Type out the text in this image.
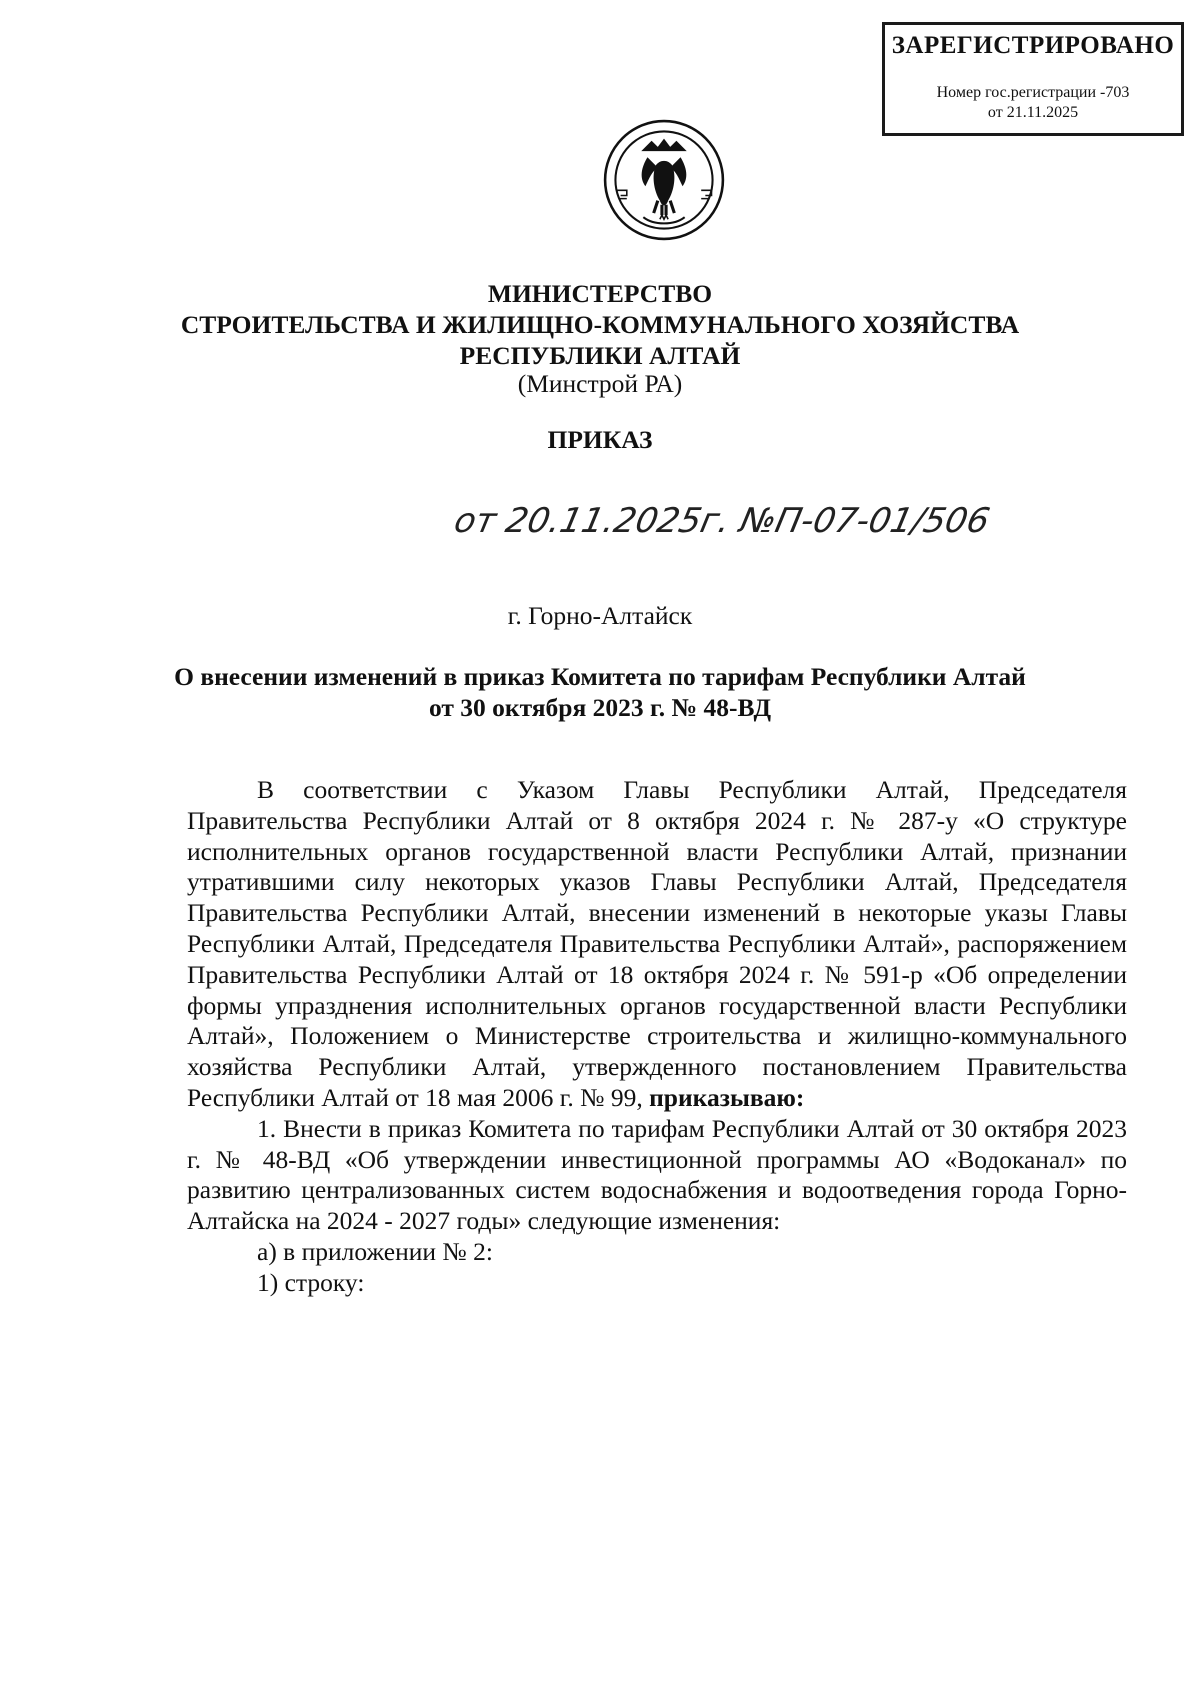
ЗАРЕГИСТРИРОВАНО
Номер гос.регистрации -703
от 21.11.2025
МИНИСТЕРСТВО
СТРОИТЕЛЬСТВА И ЖИЛИЩНО-КОММУНАЛЬНОГО ХОЗЯЙСТВА
РЕСПУБЛИКИ АЛТАЙ
(Минстрой РА)
ПРИКАЗ
от 20.11.2025г. №П-07-01/506
г. Горно-Алтайск
О внесении изменений в приказ Комитета по тарифам Республики Алтай
от 30 октября 2023 г. № 48-ВД

В соответствии с Указом Главы Республики Алтай, Председателя Правительства Республики Алтай от 8 октября 2024 г. № 287-у «О структуре исполнительных органов государственной власти Республики Алтай, признании утратившими силу некоторых указов Главы Республики Алтай, Председателя Правительства Республики Алтай, внесении изменений в некоторые указы Главы Республики Алтай, Председателя Правительства Республики Алтай», распоряжением Правительства Республики Алтай от 18 октября 2024 г. № 591-р «Об определении формы упразднения исполнительных органов государственной власти Республики Алтай», Положением о Министерстве строительства и жилищно-коммунального хозяйства Республики Алтай, утвержденного постановлением Правительства Республики Алтай от 18 мая 2006 г. № 99, приказываю:

1. Внести в приказ Комитета по тарифам Республики Алтай от 30 октября 2023 г. № 48-ВД «Об утверждении инвестиционной программы АО «Водоканал» по развитию централизованных систем водоснабжения и водоотведения города Горно-Алтайска на 2024 - 2027 годы» следующие изменения:

а) в приложении № 2:

1) строку:
